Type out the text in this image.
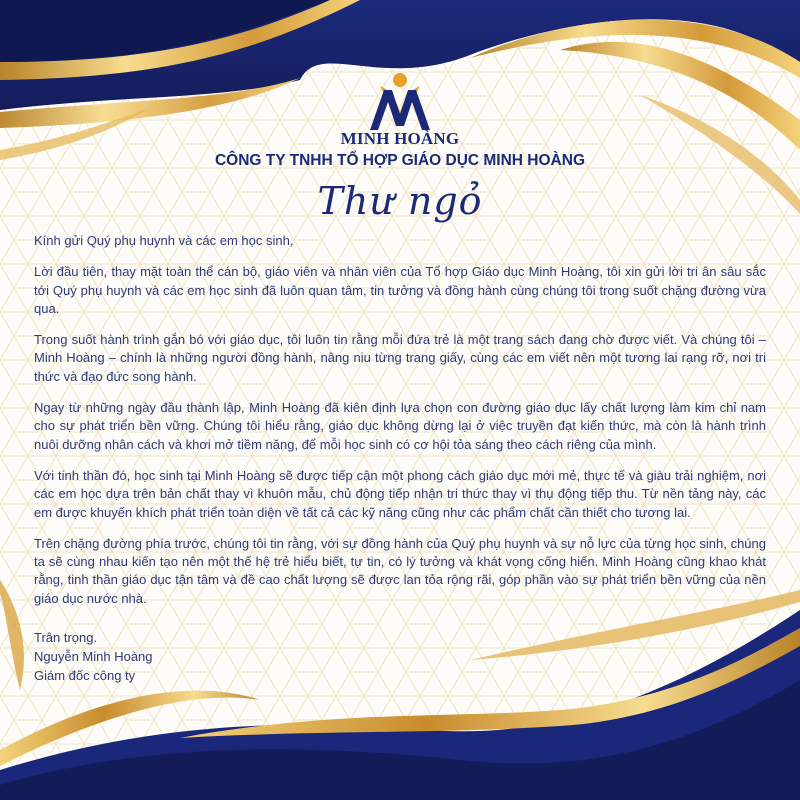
MINH HOÀNG
CÔNG TY TNHH TỔ HỢP GIÁO DỤC MINH HOÀNG
Thư ngỏ

Kính gửi Quý phụ huynh và các em học sinh,

Lời đầu tiên, thay mặt toàn thể cán bộ, giáo viên và nhân viên của Tổ hợp Giáo dục Minh Hoàng, tôi xin gửi lời tri ân sâu sắc tới Quý phụ huynh và các em học sinh đã luôn quan tâm, tin tưởng và đồng hành cùng chúng tôi trong suốt chặng đường vừa qua.

Trong suốt hành trình gắn bó với giáo dục, tôi luôn tin rằng mỗi đứa trẻ là một trang sách đang chờ được viết. Và chúng tôi – Minh Hoàng – chính là những người đồng hành, nâng niu từng trang giấy, cùng các em viết nên một tương lai rạng rỡ, nơi tri thức và đạo đức song hành.

Ngay từ những ngày đầu thành lập, Minh Hoàng đã kiên định lựa chọn con đường giáo dục lấy chất lượng làm kim chỉ nam cho sự phát triển bền vững. Chúng tôi hiểu rằng, giáo dục không dừng lại ở việc truyền đạt kiến thức, mà còn là hành trình nuôi dưỡng nhân cách và khơi mở tiềm năng, để mỗi học sinh có cơ hội tỏa sáng theo cách riêng của mình.

Với tinh thần đó, học sinh tại Minh Hoàng sẽ được tiếp cận một phong cách giáo dục mới mẻ, thực tế và giàu trải nghiệm, nơi các em học dựa trên bản chất thay vì khuôn mẫu, chủ động tiếp nhận tri thức thay vì thụ động tiếp thu. Từ nền tảng này, các em được khuyến khích phát triển toàn diện về tất cả các kỹ năng cũng như các phẩm chất cần thiết cho tương lai.

Trên chặng đường phía trước, chúng tôi tin rằng, với sự đồng hành của Quý phụ huynh và sự nỗ lực của từng học sinh, chúng ta sẽ cùng nhau kiến tạo nên một thế hệ trẻ hiểu biết, tự tin, có lý tưởng và khát vọng cống hiến. Minh Hoàng cũng khao khát rằng, tinh thần giáo dục tận tâm và đề cao chất lượng sẽ được lan tỏa rộng rãi, góp phần vào sự phát triển bền vững của nền giáo dục nước nhà.

Trân trọng.
Nguyễn Minh Hoàng
Giám đốc công ty
